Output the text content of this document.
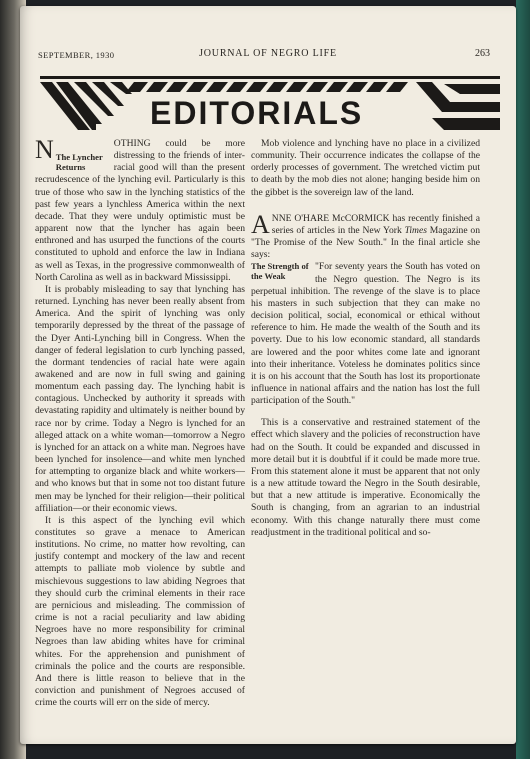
SEPTEMBER, 1930	JOURNAL OF NEGRO LIFE	263
EDITORIALS

N The Lyncher Returns
OTHING could be more distressing to the friends of inter-racial good will than the present recrudescence of the lynching evil. Particularly is this true of those who saw in the lynching statistics of the past few years a lynchless America within the next decade. That they were unduly optimistic must be apparent now that the lyncher has again been enthroned and has usurped the functions of the courts constituted to uphold and enforce the law in Indiana as well as Texas, in the progressive commonwealth of North Carolina as well as in backward Mississippi.

It is probably misleading to say that lynching has returned. Lynching has never been really absent from America. And the spirit of lynching was only temporarily depressed by the threat of the passage of the Dyer Anti-Lynching bill in Congress. When the danger of federal legislation to curb lynching passed, the dormant tendencies of racial hate were again awakened and are now in full swing and gaining momentum each passing day. The lynching habit is contagious. Unchecked by authority it spreads with devastating rapidity and ultimately is neither bound by race nor by crime. Today a Negro is lynched for an alleged attack on a white woman—tomorrow a Negro is lynched for an attack on a white man. Negroes have been lynched for insolence—and white men lynched for attempting to organize black and white workers—and who knows but that in some not too distant future men may be lynched for their religion—their political affiliation—or their economic views.

It is this aspect of the lynching evil which constitutes so grave a menace to American institutions. No crime, no matter how revolting, can justify contempt and mockery of the law and recent attempts to palliate mob violence by subtle and mischievous suggestions to law abiding Negroes that they should curb the criminal elements in their race are pernicious and misleading. The commission of crime is not a racial peculiarity and law abiding Negroes have no more responsibility for criminal Negroes than law abiding whites have for criminal whites. For the apprehension and punishment of criminals the police and the courts are responsible. And there is little reason to believe that in the conviction and punishment of Negroes accused of crime the courts will err on the side of mercy.

Mob violence and lynching have no place in a civilized community. Their occurrence indicates the collapse of the orderly processes of government. The wretched victim put to death by the mob dies not alone; hanging beside him on the gibbet is the sovereign law of the land.

ANNE O'HARE McCORMICK has recently finished a series of articles in the New York Times Magazine on "The Promise of the New South." In the final article she says:

The Strength of the Weak
"For seventy years the South has voted on the Negro question. The Negro is its perpetual inhibition. The revenge of the slave is to place his masters in such subjection that they can make no decision political, social, economical or ethical without reference to him. He made the wealth of the South and its poverty. Due to his low economic standard, all standards are lowered and the poor whites come late and ignorant into their inheritance. Voteless he dominates politics since it is on his account that the South has lost its proportionate influence in national affairs and the nation has lost the full participation of the South."

This is a conservative and restrained statement of the effect which slavery and the policies of reconstruction have had on the South. It could be expanded and discussed in more detail but it is doubtful if it could be made more true. From this statement alone it must be apparent that not only is a new attitude toward the Negro in the South desirable, but that a new attitude is imperative. Economically the South is changing, from an agrarian to an industrial economy. With this change naturally there must come readjustment in the traditional political and so-
